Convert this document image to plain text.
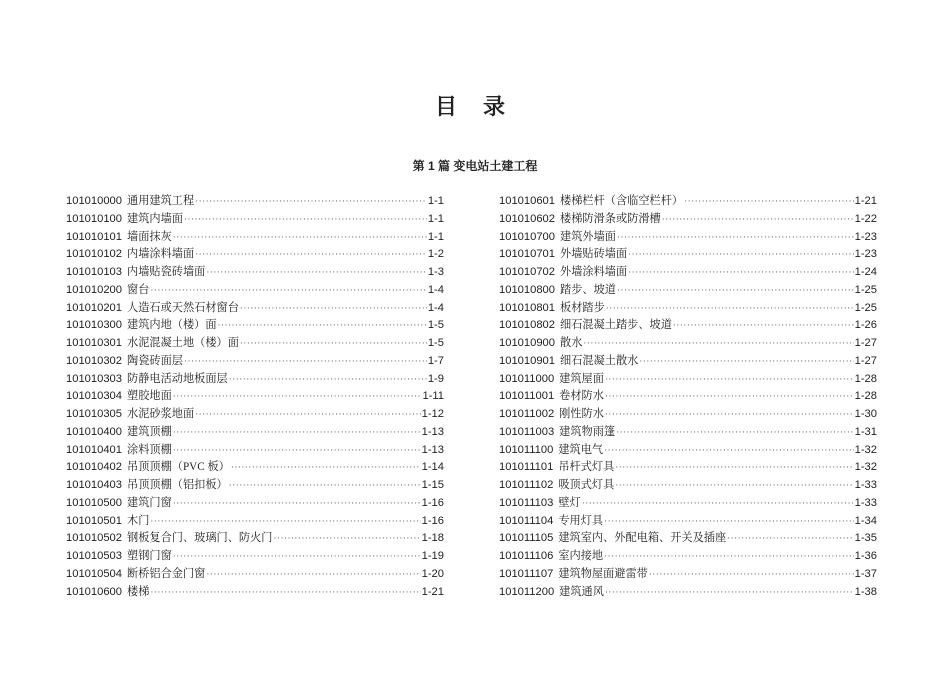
目 录
第 1 篇 变电站土建工程
101010000 通用建筑工程 ·····	1-1
101010100 建筑内墙面 ·····	1-1
101010101 墙面抹灰 ·····	1-1
101010102 内墙涂料墙面 ·····	1-2
101010103 内墙贴瓷砖墙面 ·····	1-3
101010200 窗台 ·····	1-4
101010201 人造石或天然石材窗台 ·····	1-4
101010300 建筑内地（楼）面 ·····	1-5
101010301 水泥混凝土地（楼）面 ·····	1-5
101010302 陶瓷砖面层 ·····	1-7
101010303 防静电活动地板面层 ·····	1-9
101010304 塑胶地面 ·····	1-11
101010305 水泥砂浆地面 ·····	1-12
101010400 建筑顶棚 ·····	1-13
101010401 涂料顶棚 ·····	1-13
101010402 吊顶顶棚（PVC 板） ·····	1-14
101010403 吊顶顶棚（铝扣板） ·····	1-15
101010500 建筑门窗 ·····	1-16
101010501 木门 ·····	1-16
101010502 钢板复合门、玻璃门、防火门 ·····	1-18
101010503 塑钢门窗 ·····	1-19
101010504 断桥铝合金门窗 ·····	1-20
101010600 楼梯 ·····	1-21
101010601 楼梯栏杆（含临空栏杆） ·····	1-21
101010602 楼梯防滑条或防滑槽 ·····	1-22
101010700 建筑外墙面 ·····	1-23
101010701 外墙贴砖墙面 ·····	1-23
101010702 外墙涂料墙面 ·····	1-24
101010800 踏步、坡道 ·····	1-25
101010801 板材踏步 ·····	1-25
101010802 细石混凝土踏步、坡道 ·····	1-26
101010900 散水 ·····	1-27
101010901 细石混凝土散水 ·····	1-27
101011000 建筑屋面 ·····	1-28
101011001 卷材防水 ·····	1-28
101011002 刚性防水 ·····	1-30
101011003 建筑物雨篷 ·····	1-31
101011100 建筑电气 ·····	1-32
101011101 吊杆式灯具 ·····	1-32
101011102 吸顶式灯具 ·····	1-33
101011103 壁灯 ·····	1-33
101011104 专用灯具 ·····	1-34
101011105 建筑室内、外配电箱、开关及插座 ·····	1-35
101011106 室内接地 ·····	1-36
101011107 建筑物屋面避雷带 ·····	1-37
101011200 建筑通风 ·····	1-38
